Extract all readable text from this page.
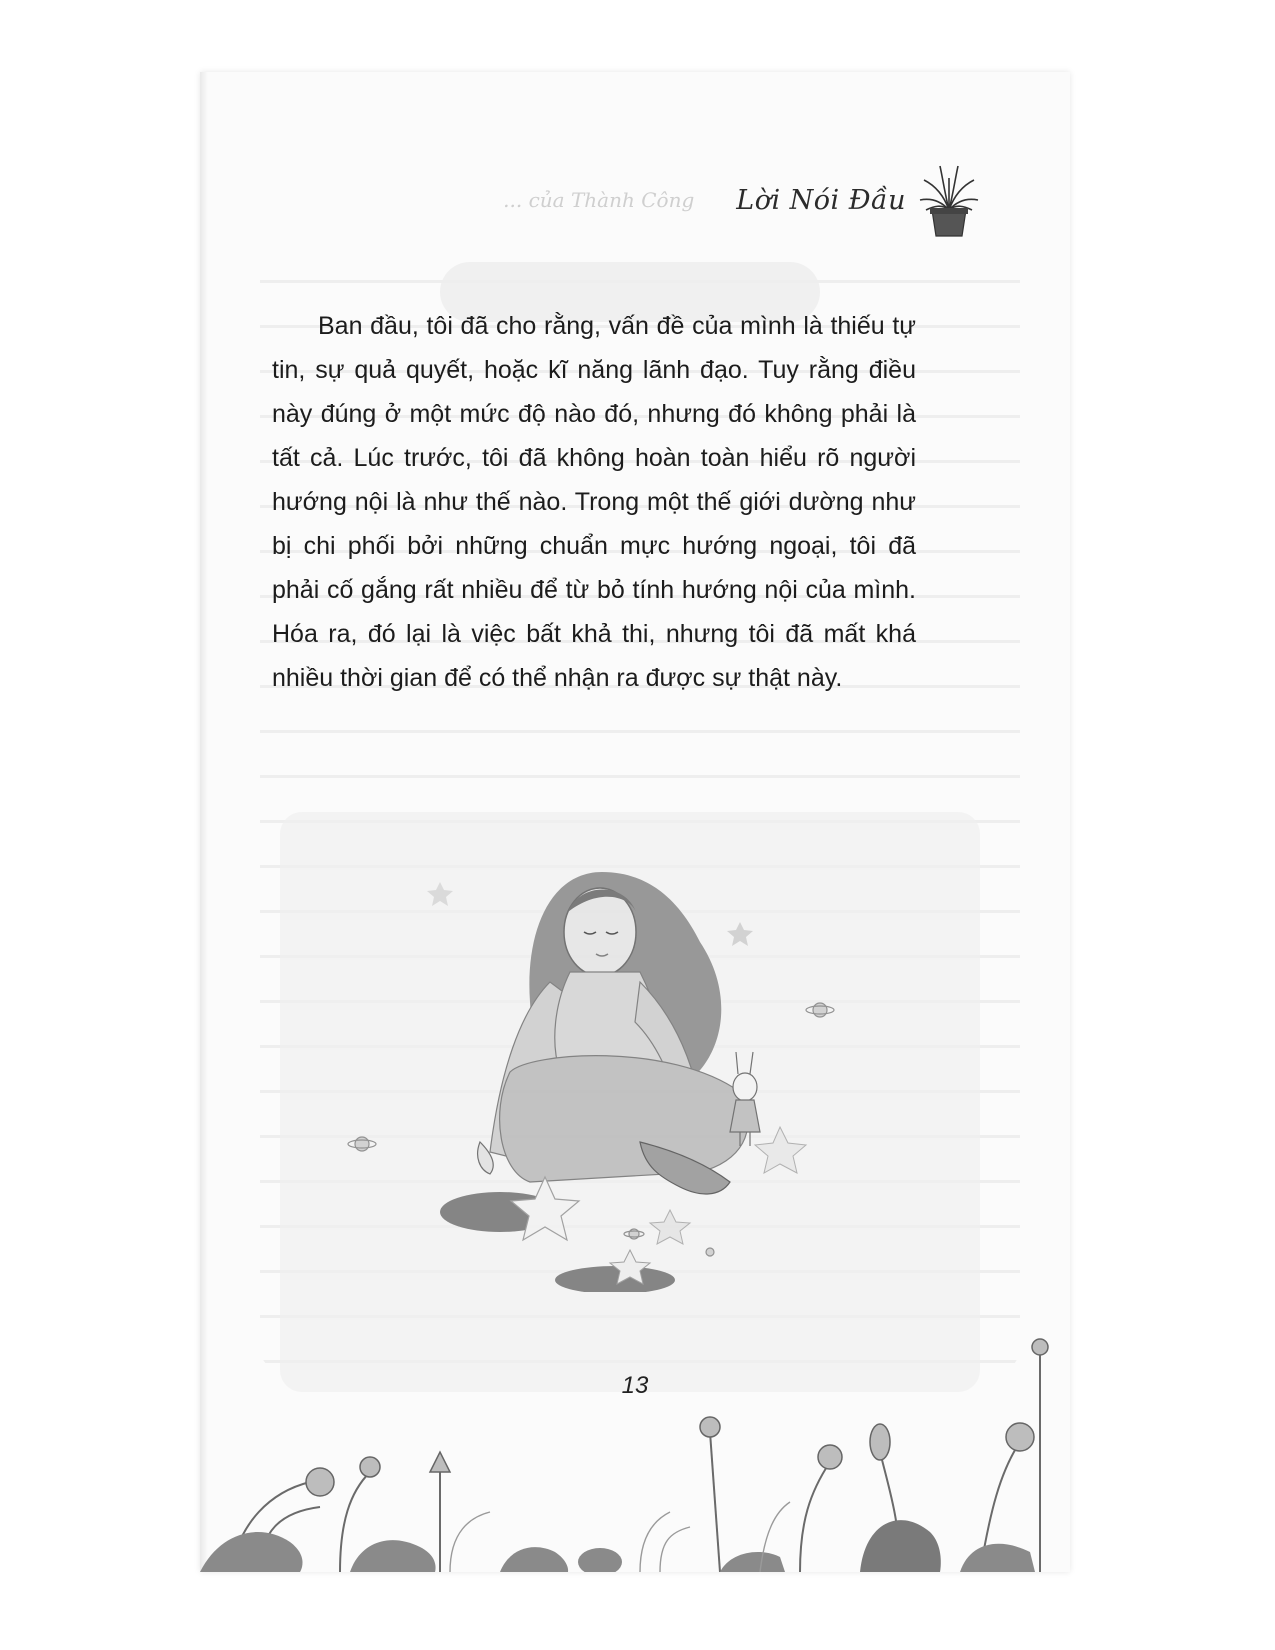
... của Thành Công Lời Nói Đầu

Ban đầu, tôi đã cho rằng, vấn đề của mình là thiếu tự tin, sự quả quyết, hoặc kĩ năng lãnh đạo. Tuy rằng điều này đúng ở một mức độ nào đó, nhưng đó không phải là tất cả. Lúc trước, tôi đã không hoàn toàn hiểu rõ người hướng nội là như thế nào. Trong một thế giới dường như bị chi phối bởi những chuẩn mực hướng ngoại, tôi đã phải cố gắng rất nhiều để từ bỏ tính hướng nội của mình. Hóa ra, đó lại là việc bất khả thi, nhưng tôi đã mất khá nhiều thời gian để có thể nhận ra được sự thật này.

13
